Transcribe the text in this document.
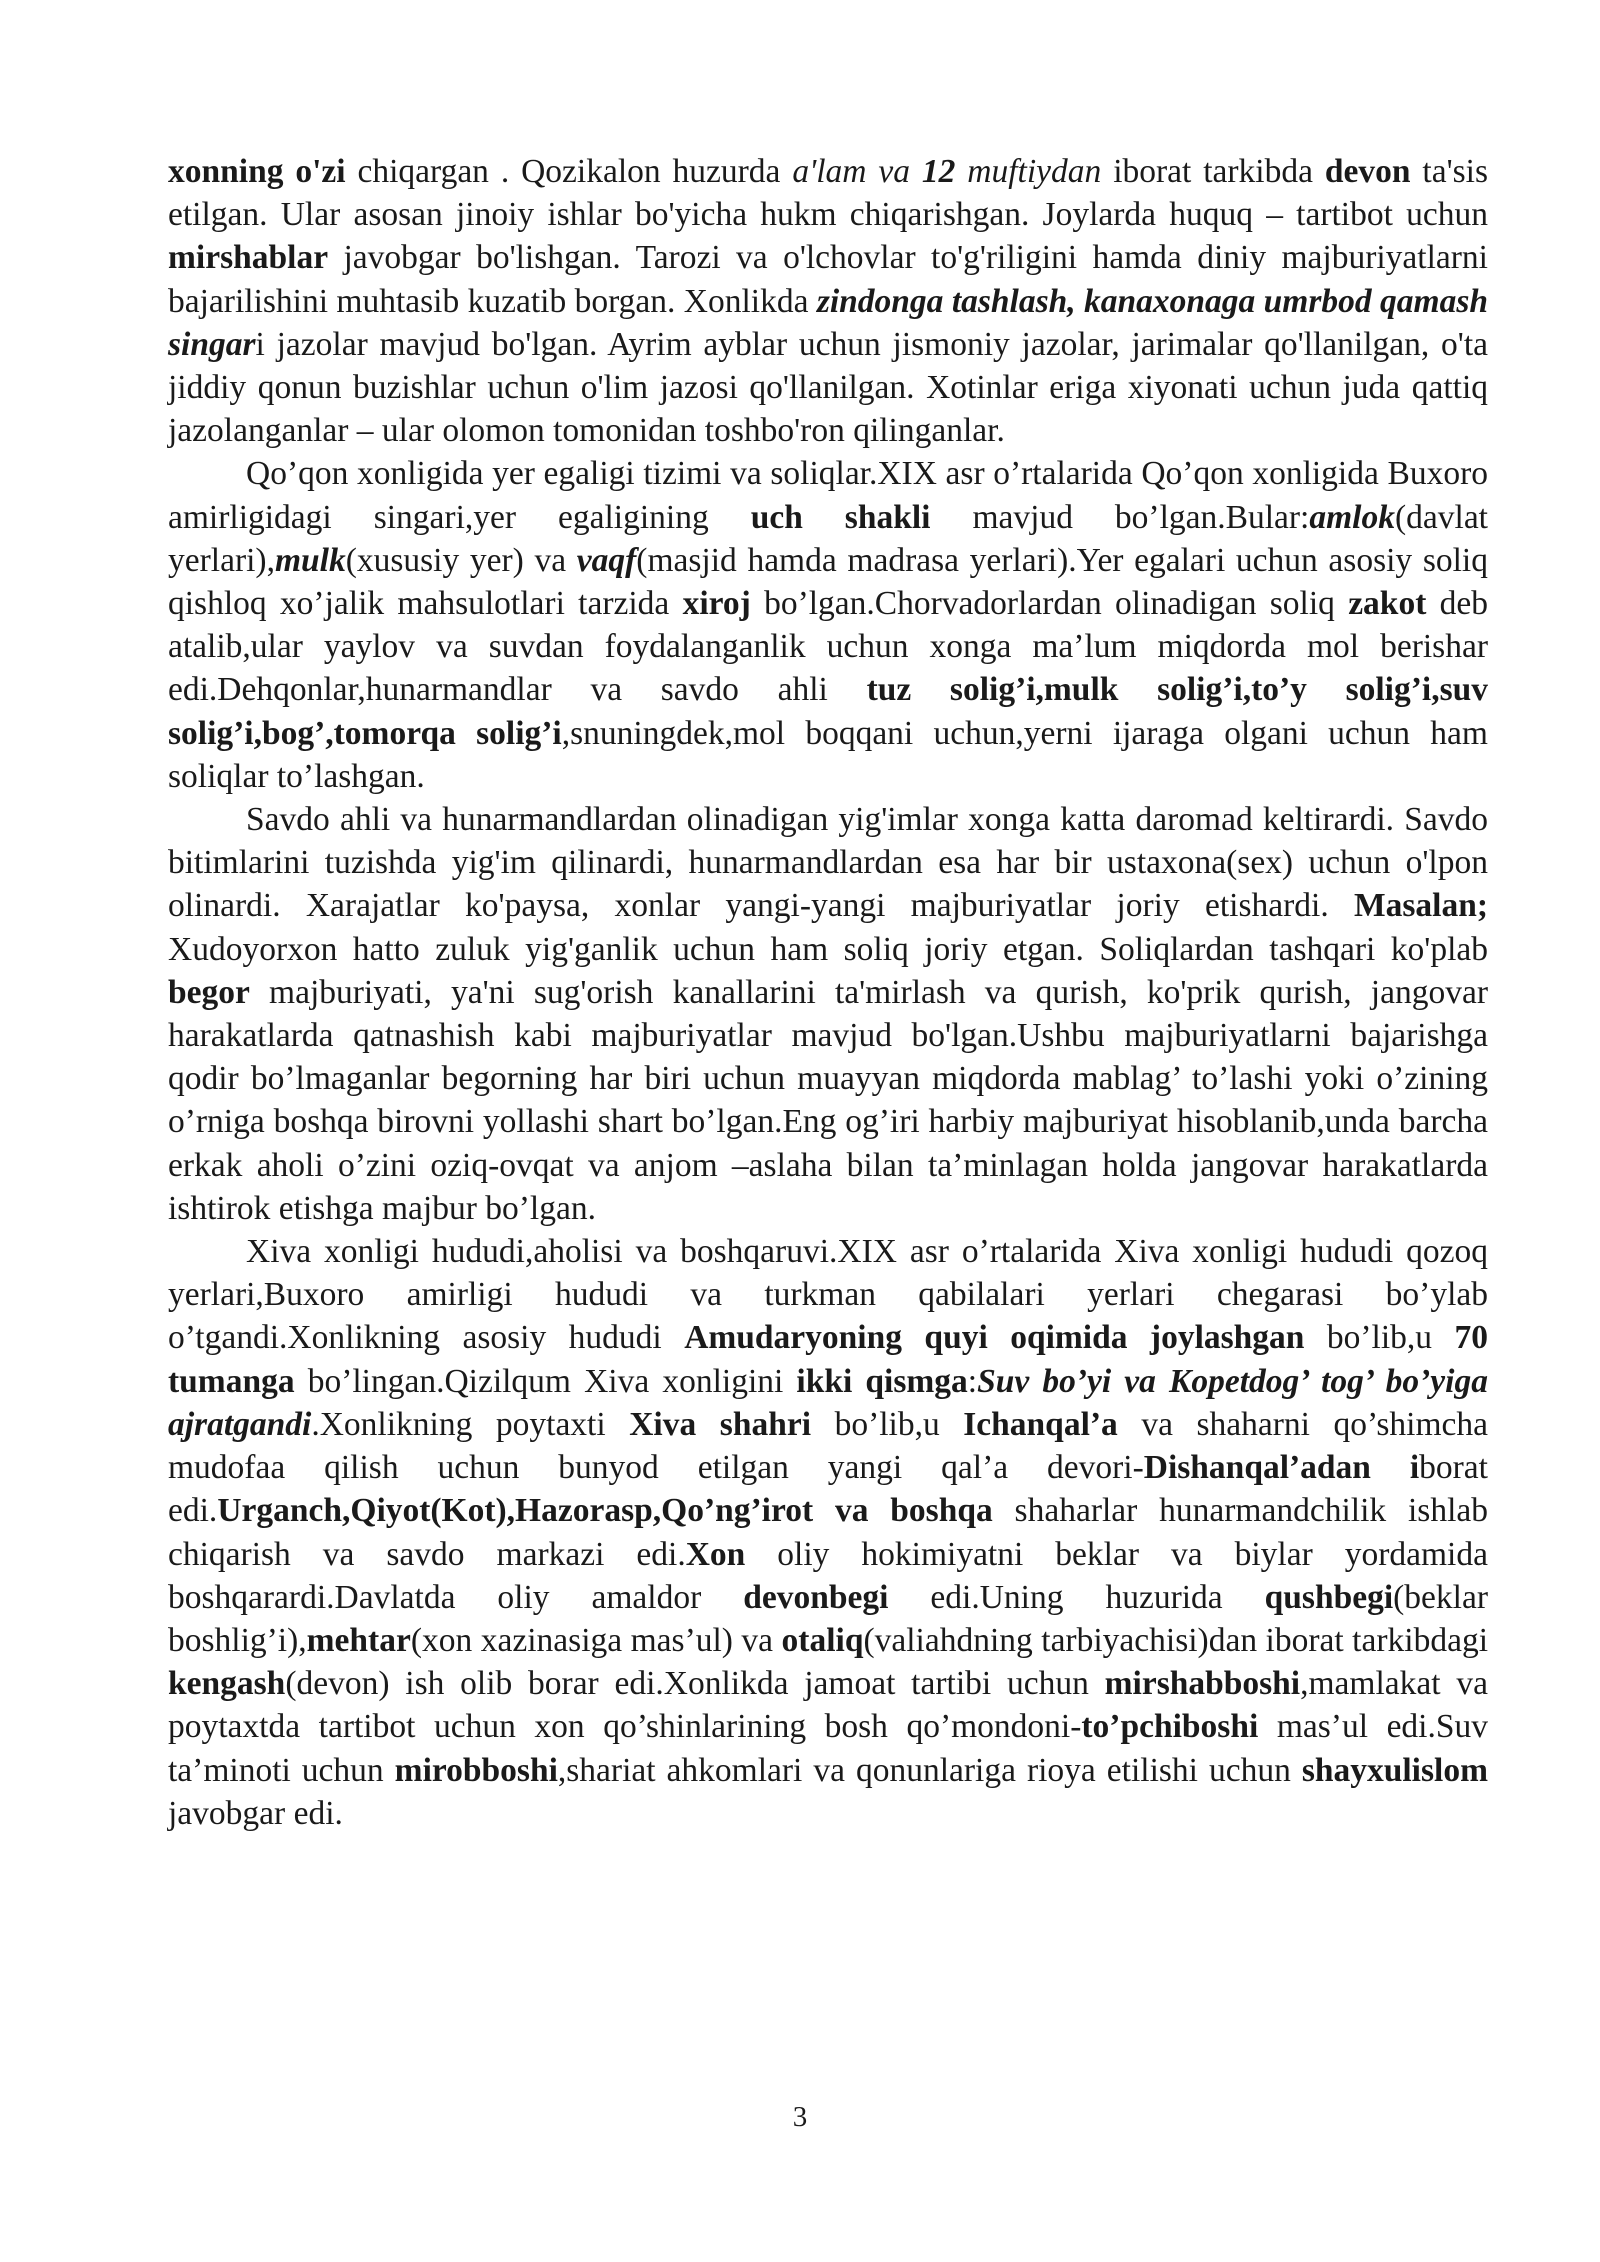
xonning o'zi chiqargan . Qozikalon huzurda a'lam va 12 muftiydan iborat tarkibda devon ta'sis etilgan. Ular asosan jinoiy ishlar bo'yicha hukm chiqarishgan. Joylarda huquq – tartibot uchun mirshablar javobgar bo'lishgan. Tarozi va o'lchovlar to'g'riligini hamda diniy majburiyatlarni bajarilishini muhtasib kuzatib borgan. Xonlikda zindonga tashlash, kanaxonaga umrbod qamash singari jazolar mavjud bo'lgan. Ayrim ayblar uchun jismoniy jazolar, jarimalar qo'llanilgan, o'ta jiddiy qonun buzishlar uchun o'lim jazosi qo'llanilgan. Xotinlar eriga xiyonati uchun juda qattiq jazolanganlar – ular olomon tomonidan toshbo'ron qilinganlar.

Qo’qon xonligida yer egaligi tizimi va soliqlar.XIX asr o’rtalarida Qo’qon xonligida Buxoro amirligidagi singari,yer egaligining uch shakli mavjud bo’lgan.Bular:amlok(davlat yerlari),mulk(xususiy yer) va vaqf(masjid hamda madrasa yerlari).Yer egalari uchun asosiy soliq qishloq xo’jalik mahsulotlari tarzida xiroj bo’lgan.Chorvadorlardan olinadigan soliq zakot deb atalib,ular yaylov va suvdan foydalanganlik uchun xonga ma’lum miqdorda mol berishar edi.Dehqonlar,hunarmandlar va savdo ahli tuz solig’i,mulk solig’i,to’y solig’i,suv solig’i,bog’,tomorqa solig’i,snuningdek,mol boqqani uchun,yerni ijaraga olgani uchun ham soliqlar to’lashgan.

Savdo ahli va hunarmandlardan olinadigan yig'imlar xonga katta daromad keltirardi. Savdo bitimlarini tuzishda yig'im qilinardi, hunarmandlardan esa har bir ustaxona(sex) uchun o'lpon olinardi. Xarajatlar ko'paysa, xonlar yangi-yangi majburiyatlar joriy etishardi. Masalan; Xudoyorxon hatto zuluk yig'ganlik uchun ham soliq joriy etgan. Soliqlardan tashqari ko'plab begor majburiyati, ya'ni sug'orish kanallarini ta'mirlash va qurish, ko'prik qurish, jangovar harakatlarda qatnashish kabi majburiyatlar mavjud bo'lgan.Ushbu majburiyatlarni bajarishga qodir bo’lmaganlar begorning har biri uchun muayyan miqdorda mablag’ to’lashi yoki o’zining o’rniga boshqa birovni yollashi shart bo’lgan.Eng og’iri harbiy majburiyat hisoblanib,unda barcha erkak aholi o’zini oziq-ovqat va anjom –aslaha bilan ta’minlagan holda jangovar harakatlarda ishtirok etishga majbur bo’lgan.

Xiva xonligi hududi,aholisi va boshqaruvi.XIX asr o’rtalarida Xiva xonligi hududi qozoq yerlari,Buxoro amirligi hududi va turkman qabilalari yerlari chegarasi bo’ylab o’tgandi.Xonlikning asosiy hududi Amudaryoning quyi oqimida joylashgan bo’lib,u 70 tumanga bo’lingan.Qizilqum Xiva xonligini ikki qismga:Suv bo’yi va Kopetdog’ tog’ bo’yiga ajratgandi.Xonlikning poytaxti Xiva shahri bo’lib,u Ichanqal’a va shaharni qo’shimcha mudofaa qilish uchun bunyod etilgan yangi qal’a devori-Dishanqal’adan iborat edi.Urganch,Qiyot(Kot),Hazorasp,Qo’ng’irot va boshqa shaharlar hunarmandchilik ishlab chiqarish va savdo markazi edi.Xon oliy hokimiyatni beklar va biylar yordamida boshqarardi.Davlatda oliy amaldor devonbegi edi.Uning huzurida qushbegi(beklar boshlig’i),mehtar(xon xazinasiga mas’ul) va otaliq(valiahdning tarbiyachisi)dan iborat tarkibdagi kengash(devon) ish olib borar edi.Xonlikda jamoat tartibi uchun mirshabboshi,mamlakat va poytaxtda tartibot uchun xon qo’shinlarining bosh qo’mondoni-to’pchiboshi mas’ul edi.Suv ta’minoti uchun mirobboshi,shariat ahkomlari va qonunlariga rioya etilishi uchun shayxulislom javobgar edi.

3
